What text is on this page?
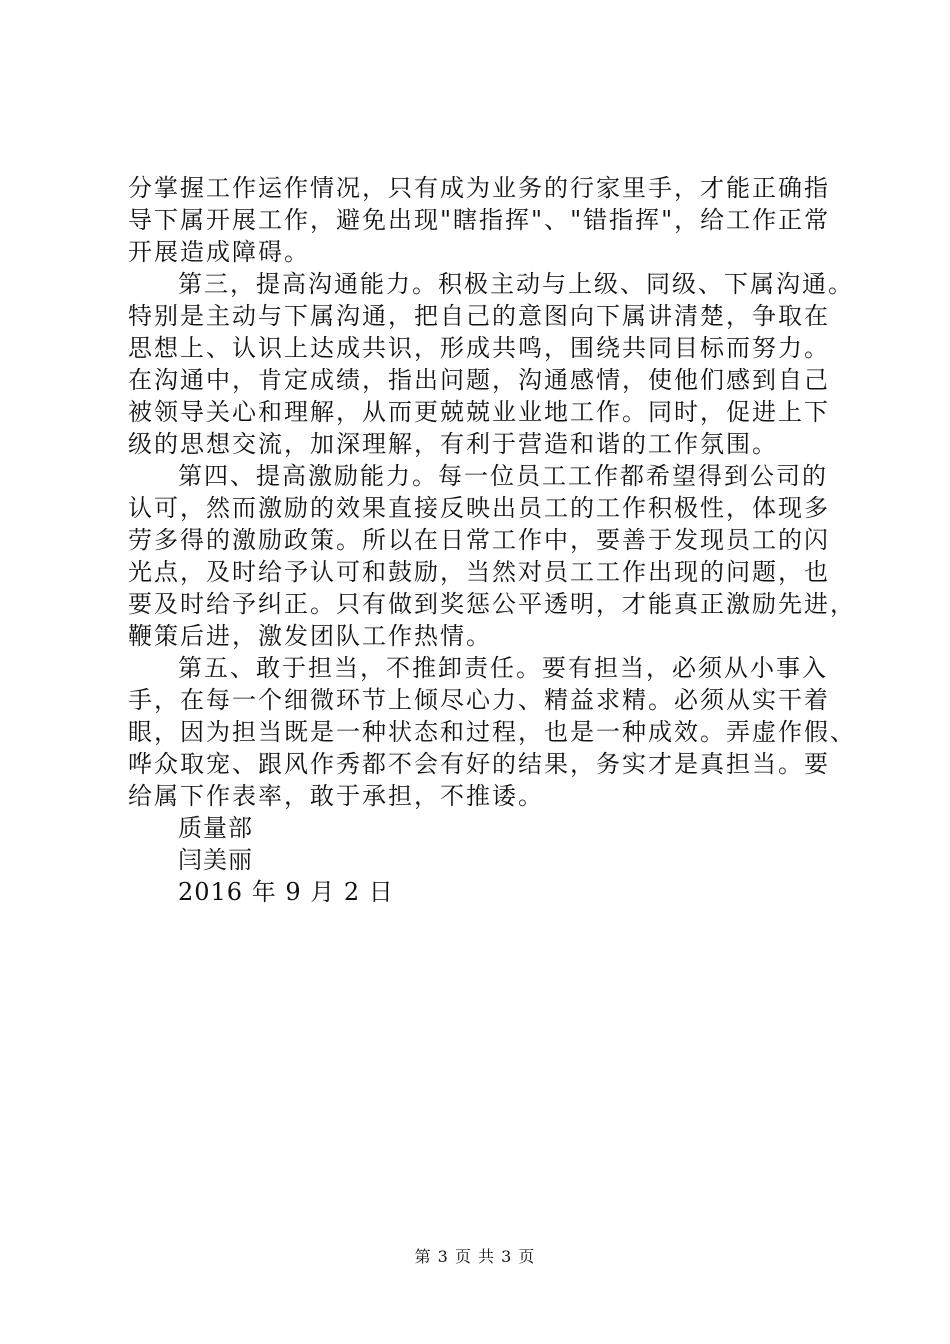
分掌握工作运作情况，只有成为业务的行家里手，才能正确指
导下属开展工作，避免出现"瞎指挥"、"错指挥"，给工作正常
开展造成障碍。
第三，提高沟通能力。积极主动与上级、同级、下属沟通。
特别是主动与下属沟通，把自己的意图向下属讲清楚，争取在
思想上、认识上达成共识，形成共鸣，围绕共同目标而努力。
在沟通中，肯定成绩，指出问题，沟通感情，使他们感到自己
被领导关心和理解，从而更兢兢业业地工作。同时，促进上下
级的思想交流，加深理解，有利于营造和谐的工作氛围。
第四、提高激励能力。每一位员工工作都希望得到公司的
认可，然而激励的效果直接反映出员工的工作积极性，体现多
劳多得的激励政策。所以在日常工作中，要善于发现员工的闪
光点，及时给予认可和鼓励，当然对员工工作出现的问题，也
要及时给予纠正。只有做到奖惩公平透明，才能真正激励先进，
鞭策后进，激发团队工作热情。
第五、敢于担当，不推卸责任。要有担当，必须从小事入
手，在每一个细微环节上倾尽心力、精益求精。必须从实干着
眼，因为担当既是一种状态和过程，也是一种成效。弄虚作假、
哗众取宠、跟风作秀都不会有好的结果，务实才是真担当。要
给属下作表率，敢于承担，不推诿。
质量部
闫美丽
2016 年 9 月 2 日
第 3 页 共 3 页
